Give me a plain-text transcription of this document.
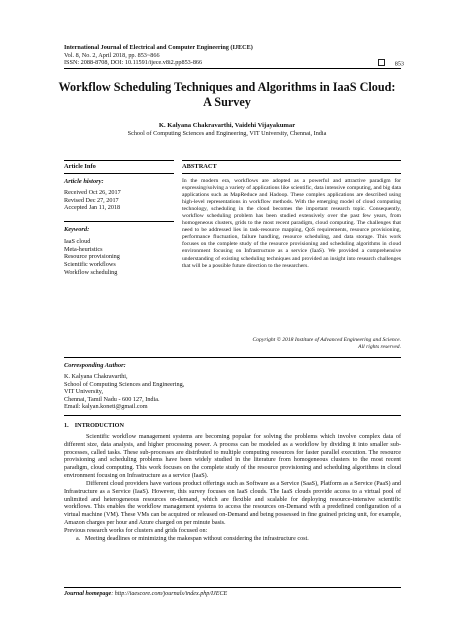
International Journal of Electrical and Computer Engineering (IJECE)
Vol. 8, No. 2, April 2018, pp. 853~866
ISSN: 2088-8708, DOI: 10.11591/ijece.v8i2.pp853-866	853
Workflow Scheduling Techniques and Algorithms in IaaS Cloud: A Survey
K. Kalyana Chakravarthi, Vaidehi Vijayakumar
School of Computing Sciences and Engineering, VIT University, Chennai, India
Article Info	ABSTRACT
Article history:
Received Oct 26, 2017
Revised Dec 27, 2017
Accepted Jan 11, 2018
Keyword:
IaaS cloud
Meta-heuristics
Resource provisioning
Scientific workflows
Workflow scheduling
In the modern era, workflows are adopted as a powerful and attractive paradigm for expressing/solving a variety of applications like scientific, data intensive computing, and big data applications such as MapReduce and Hadoop. These complex applications are described using high-level representations in workflow methods. With the emerging model of cloud computing technology, scheduling in the cloud becomes the important research topic. Consequently, workflow scheduling problem has been studied extensively over the past few years, from homogeneous clusters, grids to the most recent paradigm, cloud computing. The challenges that need to be addressed lies in task-resource mapping, QoS requirements, resource provisioning, performance fluctuation, failure handling, resource scheduling, and data storage. This work focuses on the complete study of the resource provisioning and scheduling algorithms in cloud environment focusing on Infrastructure as a service (IaaS). We provided a comprehensive understanding of existing scheduling techniques and provided an insight into research challenges that will be a possible future direction to the researchers.
Copyright © 2018 Institute of Advanced Engineering and Science.
All rights reserved.
Corresponding Author:
K. Kalyana Chakravarthi,
School of Computing Sciences and Engineering,
VIT University,
Chennai, Tamil Nadu - 600 127, India.
Email: kalyan.koneti@gmail.com
1.    INTRODUCTION

Scientific workflow management systems are becoming popular for solving the problems which involve complex data of different size, data analysis, and higher processing power. A process can be modeled as a workflow by dividing it into smaller sub-processes, called tasks. These sub-processes are distributed to multiple computing resources for faster parallel execution. The resource provisioning and scheduling problems have been widely studied in the literature from homogeneous clusters to the most recent paradigm, cloud computing. This work focuses on the complete study of the resource provisioning and scheduling algorithms in cloud environment focusing on Infrastructure as a service (IaaS).

Different cloud providers have various product offerings such as Software as a Service (SaaS), Platform as a Service (PaaS) and Infrastructure as a Service (IaaS). However, this survey focuses on IaaS clouds. The IaaS clouds provide access to a virtual pool of unlimited and heterogeneous resources on-demand, which are flexible and scalable for deploying resource-intensive scientific workflows. This enables the workflow management systems to access the resources on-Demand with a predefined configuration of a virtual machine (VM). These VMs can be acquired or released on-Demand and being possessed in fine grained pricing unit, for example, Amazon charges per hour and Azure charged on per minute basis.

Previous research works for clusters and grids focused on:

a.   Meeting deadlines or minimizing the makespan without considering the infrastructure cost.

Journal homepage: http://iaescore.com/journals/index.php/IJECE
